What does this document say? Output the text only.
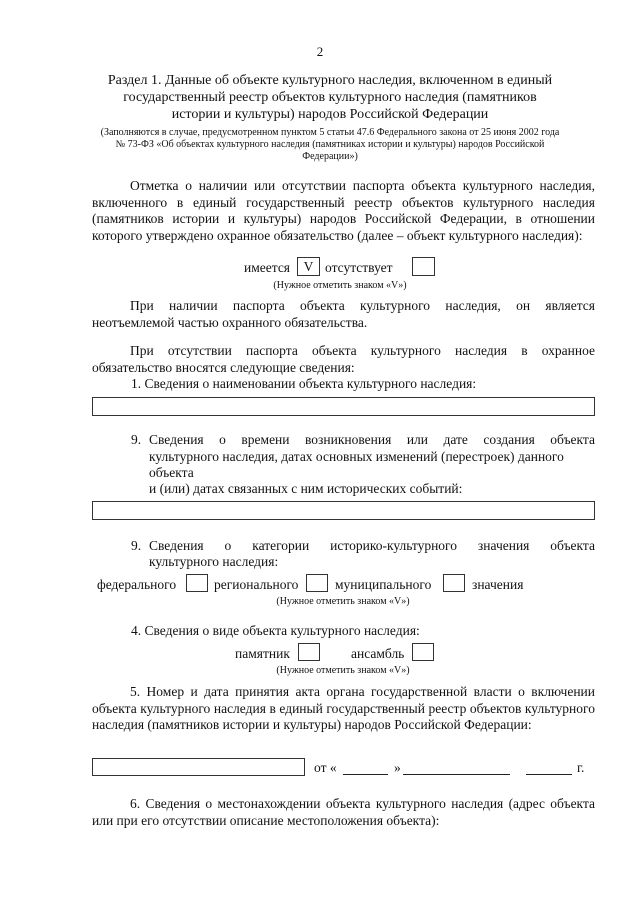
2
Раздел 1. Данные об объекте культурного наследия, включенном в единый
государственный реестр объектов культурного наследия (памятников
истории и культуры) народов Российской Федерации
(Заполняются в случае, предусмотренном пунктом 5 статьи 47.6 Федерального закона от 25 июня 2002 года
№ 73-ФЗ «Об объектах культурного наследия (памятниках истории и культуры) народов Российской
Федерации»)
Отметка о наличии или отсутствии паспорта объекта культурного наследия, включенного в единый государственный реестр объектов культурного наследия (памятников истории и культуры) народов Российской Федерации, в отношении которого утверждено охранное обязательство (далее – объект культурного наследия):
имеется	V отсутствует
(Нужное отметить знаком «V»)
При наличии паспорта объекта культурного наследия, он является неотъемлемой частью охранного обязательства.
При отсутствии паспорта объекта культурного наследия в охранное обязательство вносятся следующие сведения:
1. Сведения о наименовании объекта культурного наследия:
9. Сведения о времени возникновения или дате создания объекта
культурного наследия, датах основных изменений (перестроек) данного
объекта
и (или) датах связанных с ним исторических событий:
9. Сведения о категории историко-культурного значения объекта
культурного наследия:
федерального	регионального	муниципального	значения
(Нужное отметить знаком «V»)
4. Сведения о виде объекта культурного наследия:
памятник	ансамбль
(Нужное отметить знаком «V»)
5. Номер и дата принятия акта органа государственной власти о включении объекта культурного наследия в единый государственный реестр объектов культурного наследия (памятников истории и культуры) народов Российской Федерации:
от «	»	г.
6. Сведения о местонахождении объекта культурного наследия (адрес объекта или при его отсутствии описание местоположения объекта):
